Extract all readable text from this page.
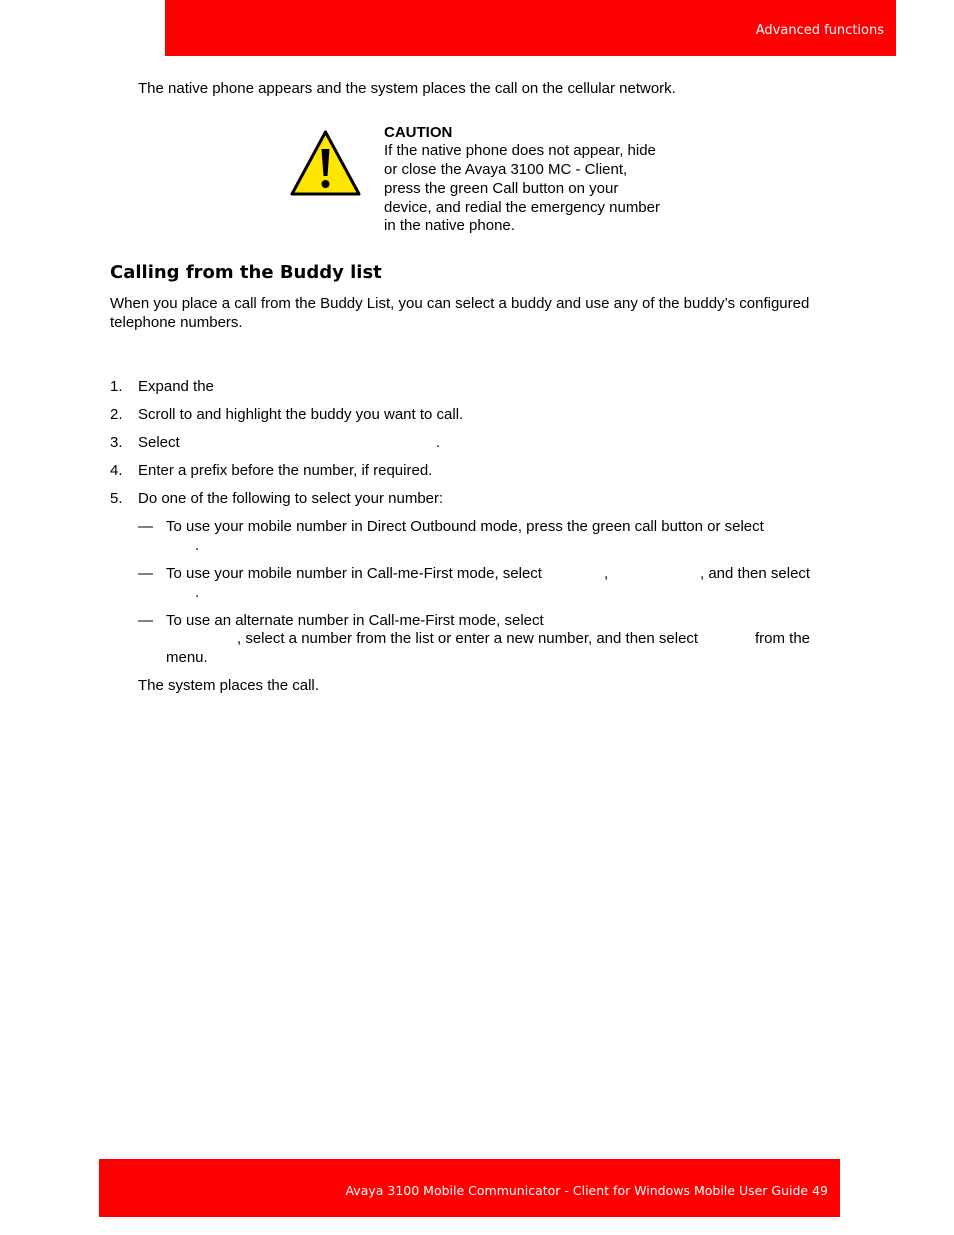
Advanced functions
The native phone appears and the system places the call on the cellular network.
CAUTION
If the native phone does not appear, hide
or close the Avaya 3100 MC - Client,
press the green Call button on your
device, and redial the emergency number
in the native phone.
Calling from the Buddy list
When you place a call from the Buddy List, you can select a buddy and use any of the buddy’s configured
telephone numbers.
1. Expand the
2. Scroll to and highlight the buddy you want to call.
3. Select	.
4. Enter a prefix before the number, if required.
5. Do one of the following to select your number:
— To use your mobile number in Direct Outbound mode, press the green call button or select
.
— To use your mobile number in Call-me-First mode, select	,	, and then select
.
— To use an alternate number in Call-me-First mode, select
, select a number from the list or enter a new number, and then select	from the
menu.
The system places the call.
Avaya 3100 Mobile Communicator - Client for Windows Mobile User Guide 49
